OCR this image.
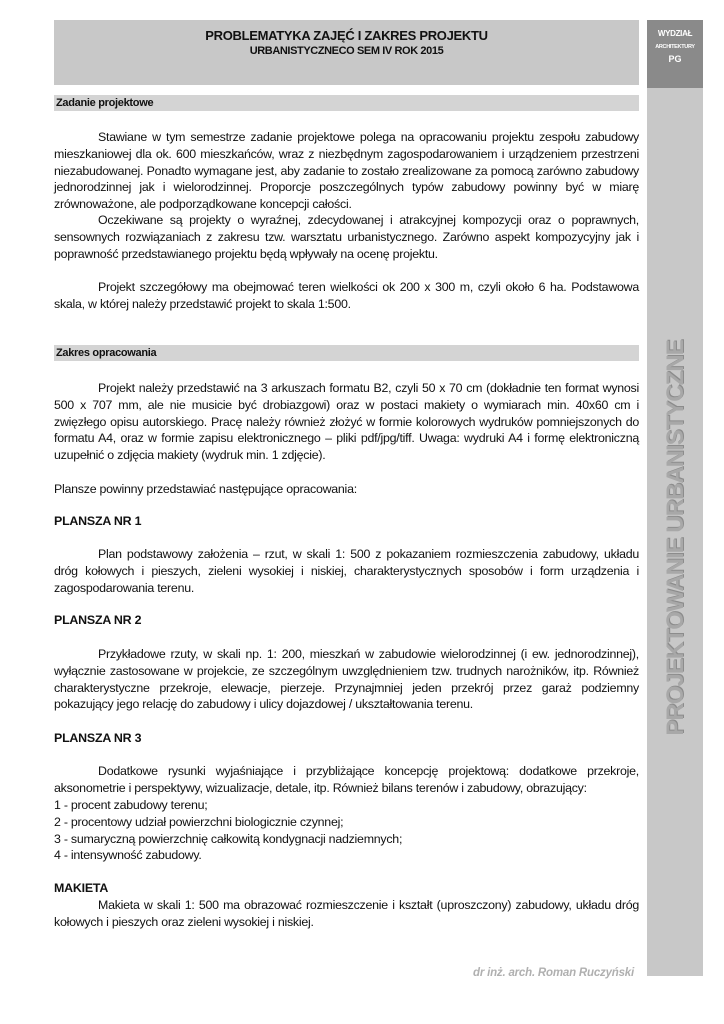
PROBLEMATYKA ZAJĘĆ I ZAKRES PROJEKTU
URBANISTYCZNECO SEM IV ROK 2015
WYDZIAŁ
ARCHITEKTURY
PG
PROJEKTOWANIE URBANISTYCZNE
Zadanie projektowe

Stawiane w tym semestrze zadanie projektowe polega na opracowaniu projektu zespołu zabudowy mieszkaniowej dla ok. 600 mieszkańców, wraz z niezbędnym zagospodarowaniem i urządzeniem przestrzeni niezabudowanej. Ponadto wymagane jest, aby zadanie to zostało zrealizowane za pomocą zarówno zabudowy jednorodzinnej jak i wielorodzinnej. Proporcje poszczególnych typów zabudowy powinny być w miarę zrównoważone, ale podporządkowane koncepcji całości.

Oczekiwane są projekty o wyraźnej, zdecydowanej i atrakcyjnej kompozycji oraz o poprawnych, sensownych rozwiązaniach z zakresu tzw. warsztatu urbanistycznego. Zarówno aspekt kompozycyjny jak i poprawność przedstawianego projektu będą wpływały na ocenę projektu.

Projekt szczegółowy ma obejmować teren wielkości ok 200 x 300 m, czyli około 6 ha. Podstawowa skala, w której należy przedstawić projekt to skala 1:500.

Zakres opracowania

Projekt należy przedstawić na 3 arkuszach formatu B2, czyli 50 x 70 cm (dokładnie ten format wynosi 500 x 707 mm, ale nie musicie być drobiazgowi) oraz w postaci makiety o wymiarach min. 40x60 cm i zwięzłego opisu autorskiego. Pracę należy również złożyć w formie kolorowych wydruków pomniejszonych do formatu A4, oraz w formie zapisu elektronicznego – pliki pdf/jpg/tiff. Uwaga: wydruki A4 i formę elektroniczną uzupełnić o zdjęcia makiety (wydruk min. 1 zdjęcie).

Plansze powinny przedstawiać następujące opracowania:

PLANSZA NR 1

Plan podstawowy założenia – rzut, w skali 1: 500 z pokazaniem rozmieszczenia zabudowy, układu dróg kołowych i pieszych, zieleni wysokiej i niskiej, charakterystycznych sposobów i form urządzenia i zagospodarowania terenu.

PLANSZA NR 2

Przykładowe rzuty, w skali np. 1: 200, mieszkań w zabudowie wielorodzinnej (i ew. jednorodzinnej), wyłącznie zastosowane w projekcie, ze szczególnym uwzględnieniem tzw. trudnych narożników, itp. Również charakterystyczne przekroje, elewacje, pierzeje. Przynajmniej jeden przekrój przez garaż podziemny pokazujący jego relację do zabudowy i ulicy dojazdowej / ukształtowania terenu.

PLANSZA NR 3

Dodatkowe rysunki wyjaśniające i przybliżające koncepcję projektową: dodatkowe przekroje, aksonometrie i perspektywy, wizualizacje, detale, itp. Również bilans terenów i zabudowy, obrazujący:

1 - procent zabudowy terenu;
2 - procentowy udział powierzchni biologicznie czynnej;
3 - sumaryczną powierzchnię całkowitą kondygnacji nadziemnych;
4 - intensywność zabudowy.
MAKIETA

Makieta w skali 1: 500 ma obrazować rozmieszczenie i kształt (uproszczony) zabudowy, układu dróg kołowych i pieszych oraz zieleni wysokiej i niskiej.

dr inż. arch. Roman Ruczyński
